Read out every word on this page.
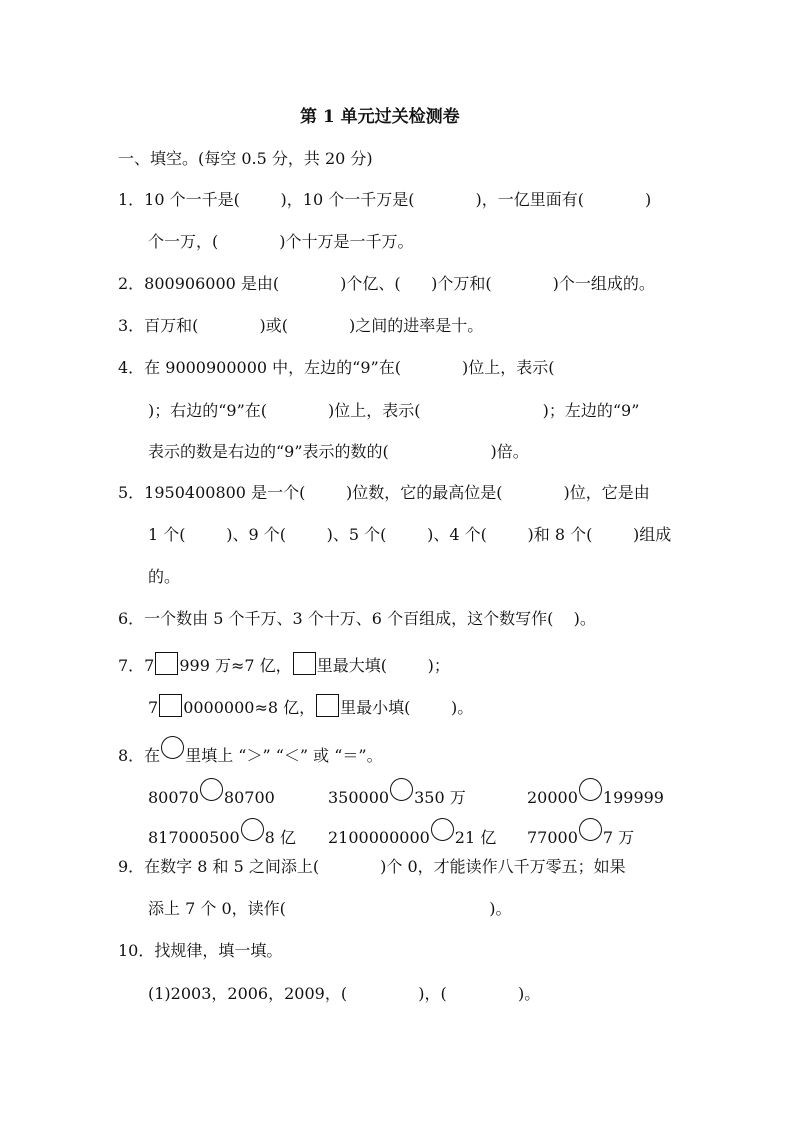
第 1 单元过关检测卷
一、填空。(每空 0.5 分，共 20 分)
1．10 个一千是(        )，10 个一千万是(            )，一亿里面有(            )
个一万，(            )个十万是一千万。
2．800906000 是由(            )个亿、(      )个万和(            )个一组成的。
3．百万和(            )或(            )之间的进率是十。
4．在 9000900000 中，左边的“9”在(            )位上，表示(
)；右边的“9”在(            )位上，表示(                        )；左边的“9”
表示的数是右边的“9”表示的数的(                    )倍。
5．1950400800 是一个(        )位数，它的最高位是(            )位，它是由
1 个(        )、9 个(        )、5 个(        )、4 个(        )和 8 个(        )组成
的。
6．一个数由 5 个千万、3 个十万、6 个百组成，这个数写作(    )。
7．7 999 万≈7 亿， 里最大填(        )；
7 0000000≈8 亿， 里最小填(        )。
8．在 里填上 “＞” “＜” 或 “＝”。
80070 80700	350000 350 万	20000 199999
817000500 8 亿 2100000000 21 亿 77000 7 万
9．在数字 8 和 5 之间添上(            )个 0，才能读作八千万零五；如果
添上 7 个 0，读作(                                        )。
10．找规律，填一填。
(1)2003，2006，2009，(              )，(              )。
